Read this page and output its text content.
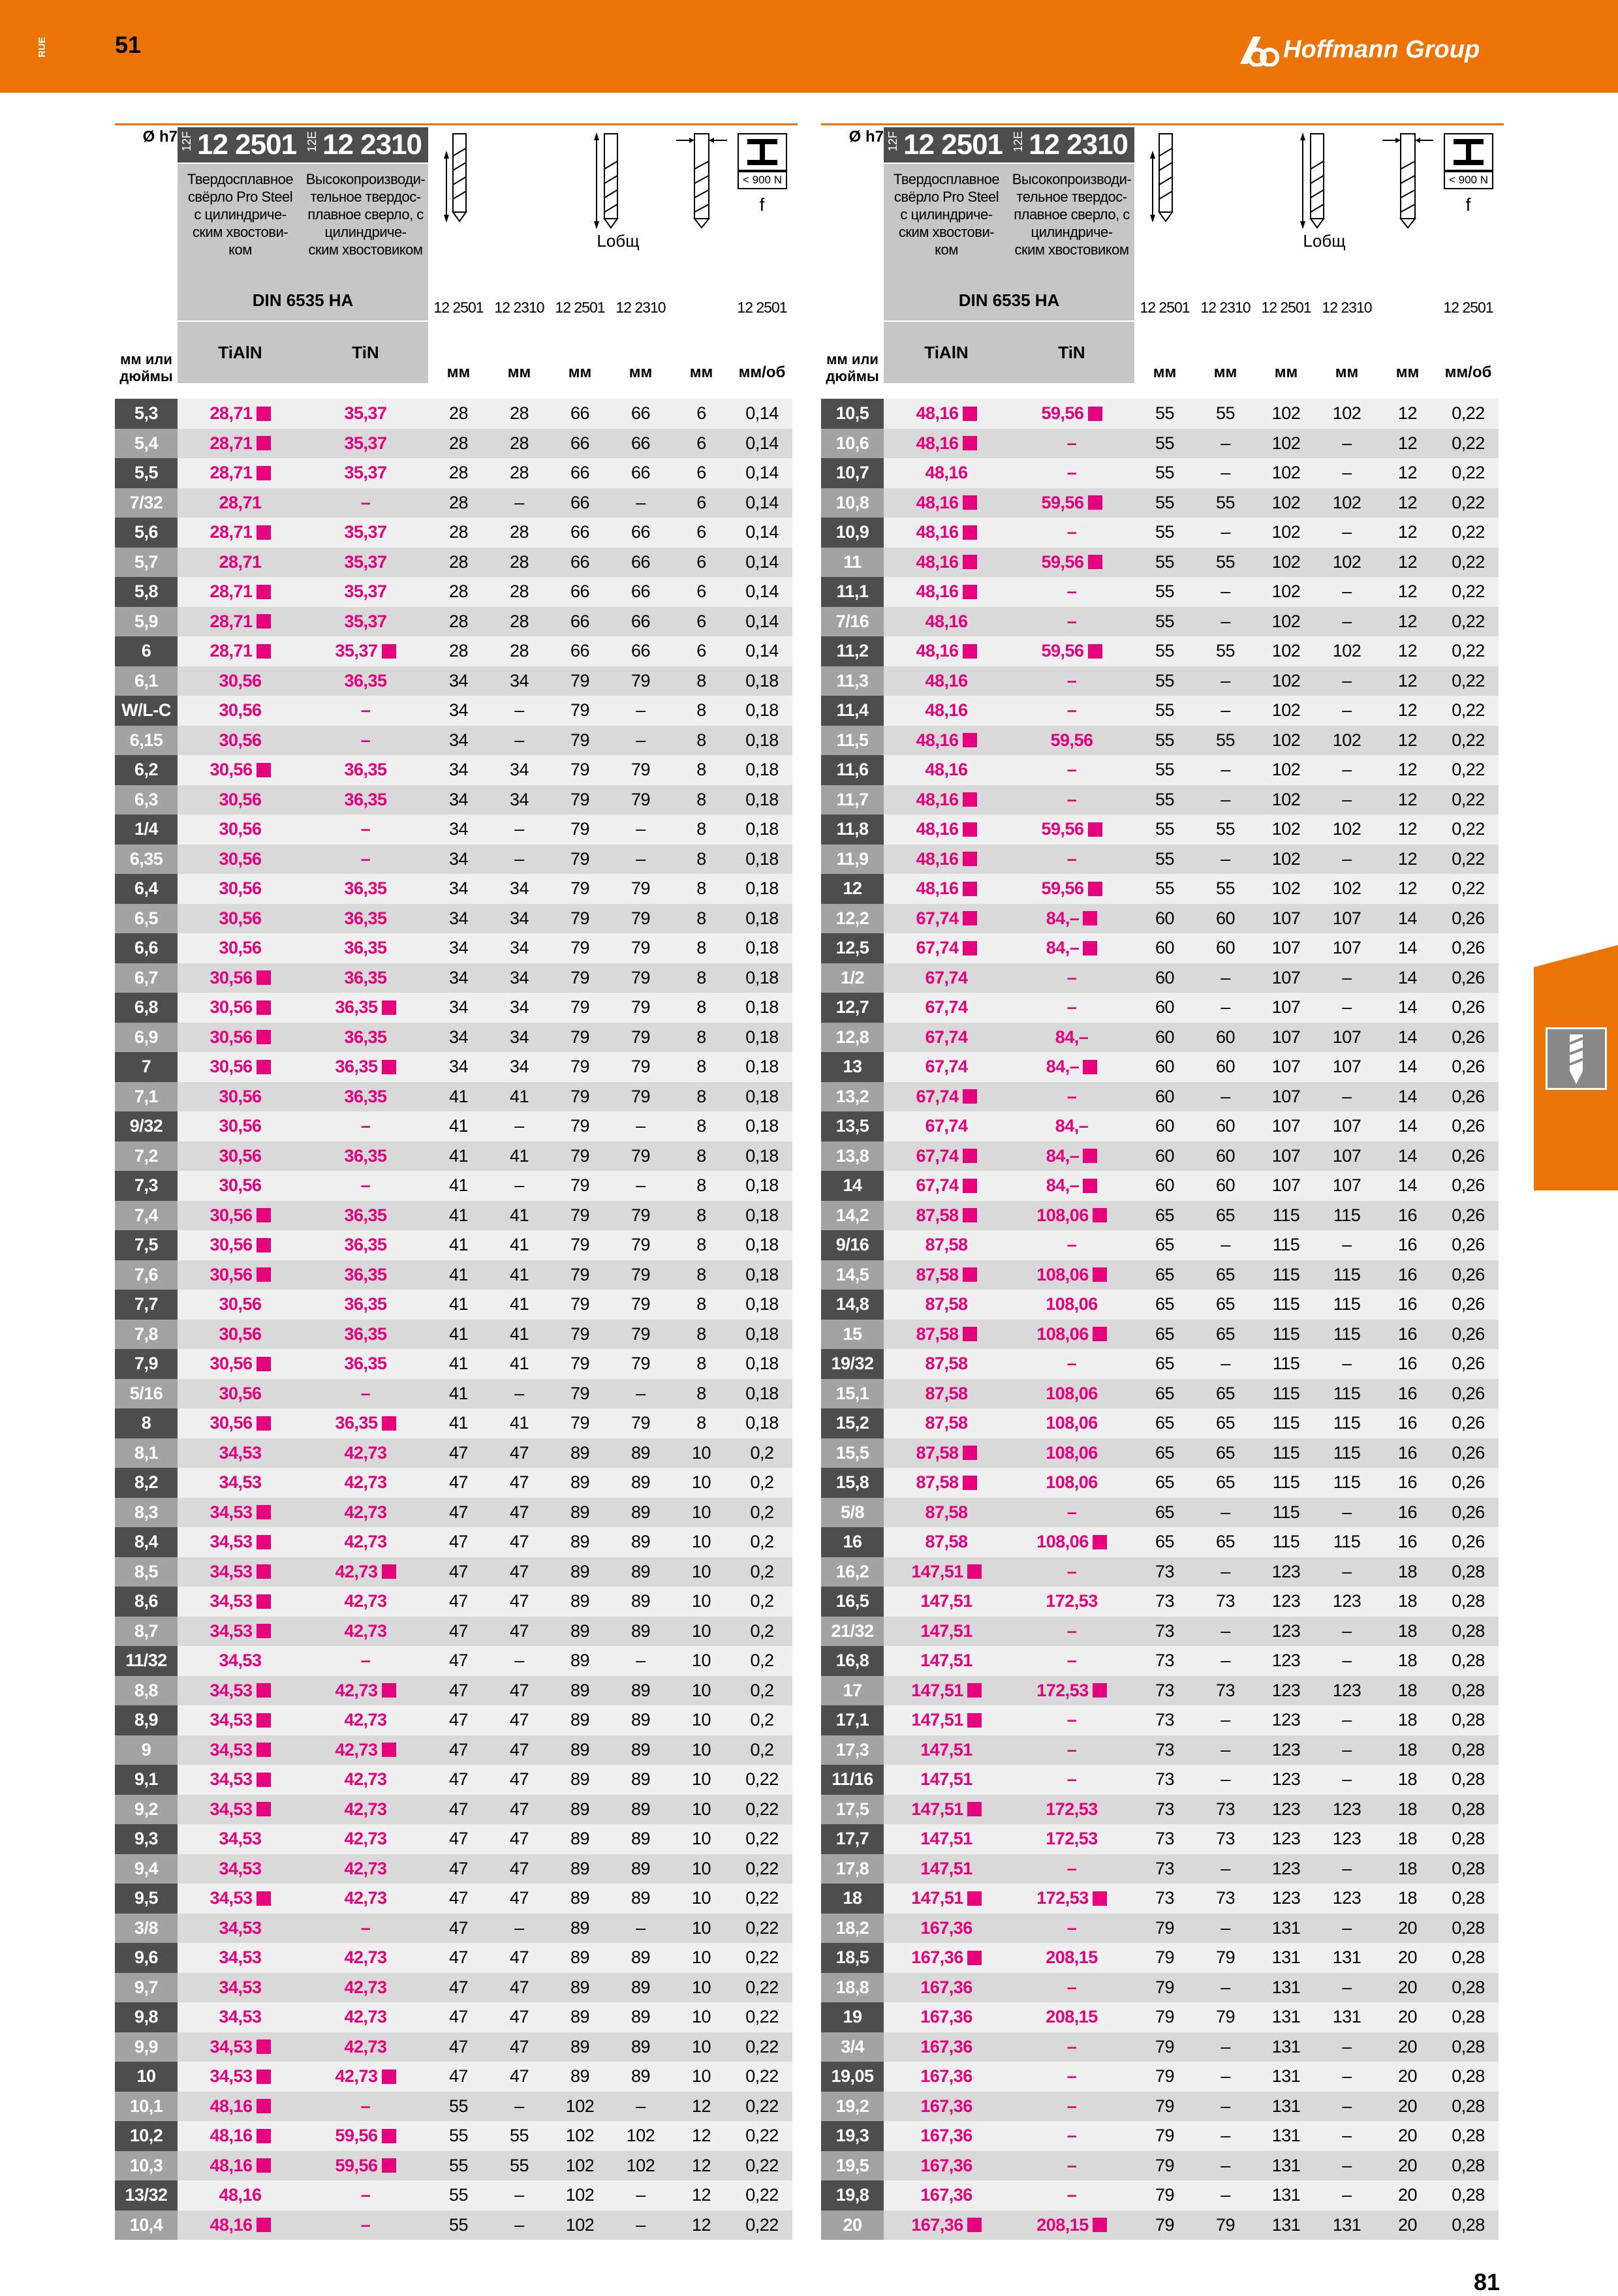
RUE	51	Hoffmann Group
Ø h7 12F 12 2501
Твердосплавное
свёрло Pro Steel
с цилиндриче-
ским хвостови-
ком
12E 12 2310
Высокопроизводи-
тельное твердос-
плавное сверло, с
цилиндриче-
ским хвостовиком
DIN 6535 HA
TiAlN	TiN
мм или
дюймы
12 2501 12 2310 12 2501 12 2310	12 2501
мм	мм	мм	мм	мм	мм/об
Lобщ
< 900 N
f
5,3	28,71	35,37	28	28	66	66	6	0,14
5,4	28,71	35,37	28	28	66	66	6	0,14
5,5	28,71	35,37	28	28	66	66	6	0,14
7/32	28,71	–	28	–	66	–	6	0,14
5,6	28,71	35,37	28	28	66	66	6	0,14
5,7	28,71	35,37	28	28	66	66	6	0,14
5,8	28,71	35,37	28	28	66	66	6	0,14
5,9	28,71	35,37	28	28	66	66	6	0,14
6	28,71	35,37	28	28	66	66	6	0,14
6,1	30,56	36,35	34	34	79	79	8	0,18
W/L-C	30,56	–	34	–	79	–	8	0,18
6,15	30,56	–	34	–	79	–	8	0,18
6,2	30,56	36,35	34	34	79	79	8	0,18
6,3	30,56	36,35	34	34	79	79	8	0,18
1/4	30,56	–	34	–	79	–	8	0,18
6,35	30,56	–	34	–	79	–	8	0,18
6,4	30,56	36,35	34	34	79	79	8	0,18
6,5	30,56	36,35	34	34	79	79	8	0,18
6,6	30,56	36,35	34	34	79	79	8	0,18
6,7	30,56	36,35	34	34	79	79	8	0,18
6,8	30,56	36,35	34	34	79	79	8	0,18
6,9	30,56	36,35	34	34	79	79	8	0,18
7	30,56	36,35	34	34	79	79	8	0,18
7,1	30,56	36,35	41	41	79	79	8	0,18
9/32	30,56	–	41	–	79	–	8	0,18
7,2	30,56	36,35	41	41	79	79	8	0,18
7,3	30,56	–	41	–	79	–	8	0,18
7,4	30,56	36,35	41	41	79	79	8	0,18
7,5	30,56	36,35	41	41	79	79	8	0,18
7,6	30,56	36,35	41	41	79	79	8	0,18
7,7	30,56	36,35	41	41	79	79	8	0,18
7,8	30,56	36,35	41	41	79	79	8	0,18
7,9	30,56	36,35	41	41	79	79	8	0,18
5/16	30,56	–	41	–	79	–	8	0,18
8	30,56	36,35	41	41	79	79	8	0,18
8,1	34,53	42,73	47	47	89	89	10	0,2
8,2	34,53	42,73	47	47	89	89	10	0,2
8,3	34,53	42,73	47	47	89	89	10	0,2
8,4	34,53	42,73	47	47	89	89	10	0,2
8,5	34,53	42,73	47	47	89	89	10	0,2
8,6	34,53	42,73	47	47	89	89	10	0,2
8,7	34,53	42,73	47	47	89	89	10	0,2
11/32	34,53	–	47	–	89	–	10	0,2
8,8	34,53	42,73	47	47	89	89	10	0,2
8,9	34,53	42,73	47	47	89	89	10	0,2
9	34,53	42,73	47	47	89	89	10	0,2
9,1	34,53	42,73	47	47	89	89	10	0,22
9,2	34,53	42,73	47	47	89	89	10	0,22
9,3	34,53	42,73	47	47	89	89	10	0,22
9,4	34,53	42,73	47	47	89	89	10	0,22
9,5	34,53	42,73	47	47	89	89	10	0,22
3/8	34,53	–	47	–	89	–	10	0,22
9,6	34,53	42,73	47	47	89	89	10	0,22
9,7	34,53	42,73	47	47	89	89	10	0,22
9,8	34,53	42,73	47	47	89	89	10	0,22
9,9	34,53	42,73	47	47	89	89	10	0,22
10	34,53	42,73	47	47	89	89	10	0,22
10,1	48,16	–	55	–	102	–	12	0,22
10,2	48,16	59,56	55	55	102	102	12	0,22
10,3	48,16	59,56	55	55	102	102	12	0,22
13/32	48,16	–	55	–	102	–	12	0,22
10,4	48,16	–	55	–	102	–	12	0,22
Ø h7 12F 12 2501
Твердосплавное
свёрло Pro Steel
с цилиндриче-
ским хвостови-
ком
12E 12 2310
Высокопроизводи-
тельное твердос-
плавное сверло, с
цилиндриче-
ским хвостовиком
DIN 6535 HA
TiAlN	TiN
мм или
дюймы
12 2501 12 2310 12 2501 12 2310	12 2501
мм	мм	мм	мм	мм	мм/об
Lобщ
< 900 N
f
10,5	48,16	59,56	55	55	102	102	12	0,22
10,6	48,16	–	55	–	102	–	12	0,22
10,7	48,16	–	55	–	102	–	12	0,22
10,8	48,16	59,56	55	55	102	102	12	0,22
10,9	48,16	–	55	–	102	–	12	0,22
11	48,16	59,56	55	55	102	102	12	0,22
11,1	48,16	–	55	–	102	–	12	0,22
7/16	48,16	–	55	–	102	–	12	0,22
11,2	48,16	59,56	55	55	102	102	12	0,22
11,3	48,16	–	55	–	102	–	12	0,22
11,4	48,16	–	55	–	102	–	12	0,22
11,5	48,16	59,56	55	55	102	102	12	0,22
11,6	48,16	–	55	–	102	–	12	0,22
11,7	48,16	–	55	–	102	–	12	0,22
11,8	48,16	59,56	55	55	102	102	12	0,22
11,9	48,16	–	55	–	102	–	12	0,22
12	48,16	59,56	55	55	102	102	12	0,22
12,2	67,74	84,–	60	60	107	107	14	0,26
12,5	67,74	84,–	60	60	107	107	14	0,26
1/2	67,74	–	60	–	107	–	14	0,26
12,7	67,74	–	60	–	107	–	14	0,26
12,8	67,74	84,–	60	60	107	107	14	0,26
13	67,74	84,–	60	60	107	107	14	0,26
13,2	67,74	–	60	–	107	–	14	0,26
13,5	67,74	84,–	60	60	107	107	14	0,26
13,8	67,74	84,–	60	60	107	107	14	0,26
14	67,74	84,–	60	60	107	107	14	0,26
14,2	87,58	108,06	65	65	115	115	16	0,26
9/16	87,58	–	65	–	115	–	16	0,26
14,5	87,58	108,06	65	65	115	115	16	0,26
14,8	87,58	108,06	65	65	115	115	16	0,26
15	87,58	108,06	65	65	115	115	16	0,26
19/32	87,58	–	65	–	115	–	16	0,26
15,1	87,58	108,06	65	65	115	115	16	0,26
15,2	87,58	108,06	65	65	115	115	16	0,26
15,5	87,58	108,06	65	65	115	115	16	0,26
15,8	87,58	108,06	65	65	115	115	16	0,26
5/8	87,58	–	65	–	115	–	16	0,26
16	87,58	108,06	65	65	115	115	16	0,26
16,2	147,51	–	73	–	123	–	18	0,28
16,5	147,51	172,53	73	73	123	123	18	0,28
21/32	147,51	–	73	–	123	–	18	0,28
16,8	147,51	–	73	–	123	–	18	0,28
17	147,51	172,53	73	73	123	123	18	0,28
17,1	147,51	–	73	–	123	–	18	0,28
17,3	147,51	–	73	–	123	–	18	0,28
11/16	147,51	–	73	–	123	–	18	0,28
17,5	147,51	172,53	73	73	123	123	18	0,28
17,7	147,51	172,53	73	73	123	123	18	0,28
17,8	147,51	–	73	–	123	–	18	0,28
18	147,51	172,53	73	73	123	123	18	0,28
18,2	167,36	–	79	–	131	–	20	0,28
18,5	167,36	208,15	79	79	131	131	20	0,28
18,8	167,36	–	79	–	131	–	20	0,28
19	167,36	208,15	79	79	131	131	20	0,28
3/4	167,36	–	79	–	131	–	20	0,28
19,05	167,36	–	79	–	131	–	20	0,28
19,2	167,36	–	79	–	131	–	20	0,28
19,3	167,36	–	79	–	131	–	20	0,28
19,5	167,36	–	79	–	131	–	20	0,28
19,8	167,36	–	79	–	131	–	20	0,28
20	167,36	208,15	79	79	131	131	20	0,28
81
